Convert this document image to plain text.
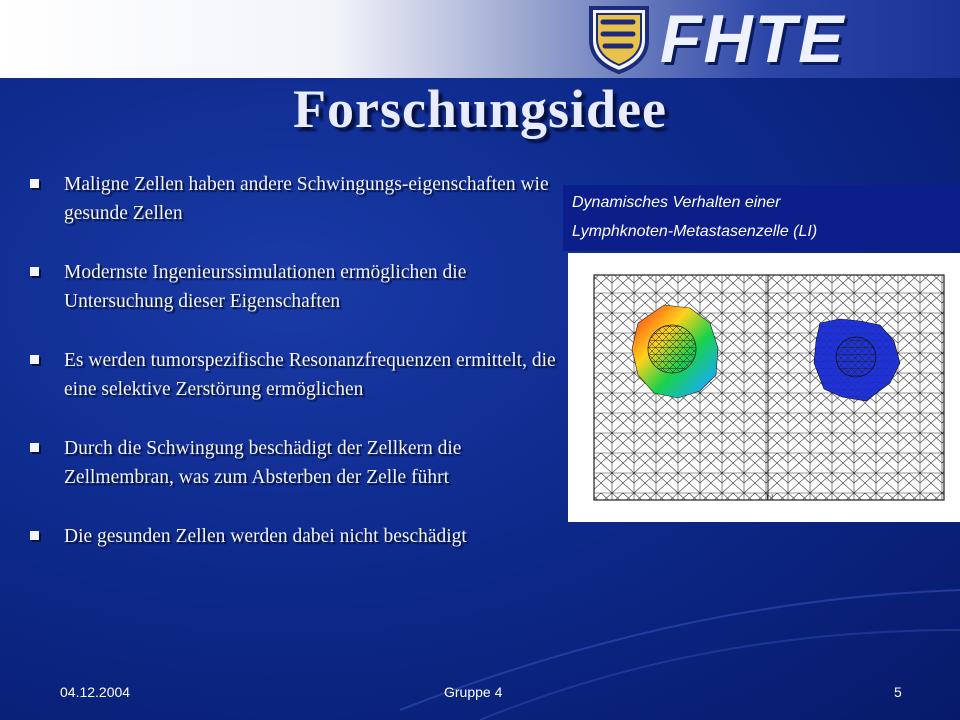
FHTE
Forschungsidee
Maligne Zellen haben andere Schwingungs-eigenschaften wie gesunde Zellen
Modernste Ingenieurssimulationen ermöglichen die Untersuchung dieser Eigenschaften
Es werden tumorspezifische Resonanzfrequenzen ermittelt, die eine selektive Zerstörung ermöglichen
Durch die Schwingung beschädigt der Zellkern die Zellmembran, was zum Absterben der Zelle führt
Die gesunden Zellen werden dabei nicht beschädigt
Dynamisches Verhalten einer
Lymphknoten-Metastasenzelle (LI)
LI
04.12.2004	Gruppe 4	5
